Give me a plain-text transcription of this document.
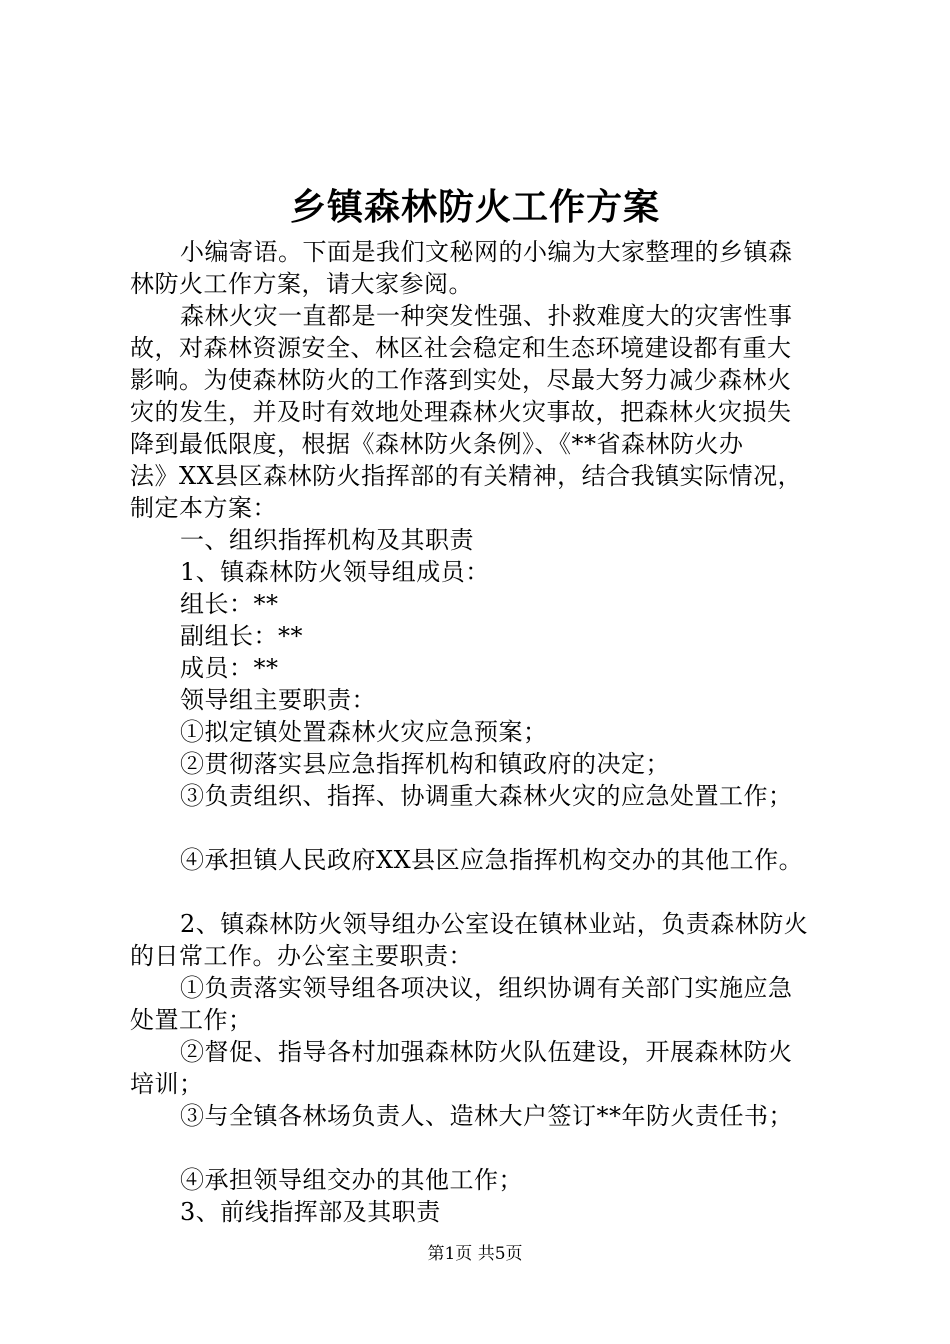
乡镇森林防火工作方案
小编寄语。下面是我们文秘网的小编为大家整理的乡镇森
林防火工作方案，请大家参阅。
森林火灾一直都是一种突发性强、扑救难度大的灾害性事
故，对森林资源安全、林区社会稳定和生态环境建设都有重大
影响。为使森林防火的工作落到实处，尽最大努力减少森林火
灾的发生，并及时有效地处理森林火灾事故，把森林火灾损失
降到最低限度，根据《森林防火条例》、《**省森林防火办
法》XX县区森林防火指挥部的有关精神，结合我镇实际情况，
制定本方案：
一、组织指挥机构及其职责
1、镇森林防火领导组成员：
组长：**
副组长：**
成员：**
领导组主要职责：
①拟定镇处置森林火灾应急预案；
②贯彻落实县应急指挥机构和镇政府的决定；
③负责组织、指挥、协调重大森林火灾的应急处置工作；
④承担镇人民政府XX县区应急指挥机构交办的其他工作。
2、镇森林防火领导组办公室设在镇林业站，负责森林防火
的日常工作。办公室主要职责：
①负责落实领导组各项决议，组织协调有关部门实施应急
处置工作；
②督促、指导各村加强森林防火队伍建设，开展森林防火
培训；
③与全镇各林场负责人、造林大户签订**年防火责任书；
④承担领导组交办的其他工作；
3、前线指挥部及其职责
第1页 共5页
